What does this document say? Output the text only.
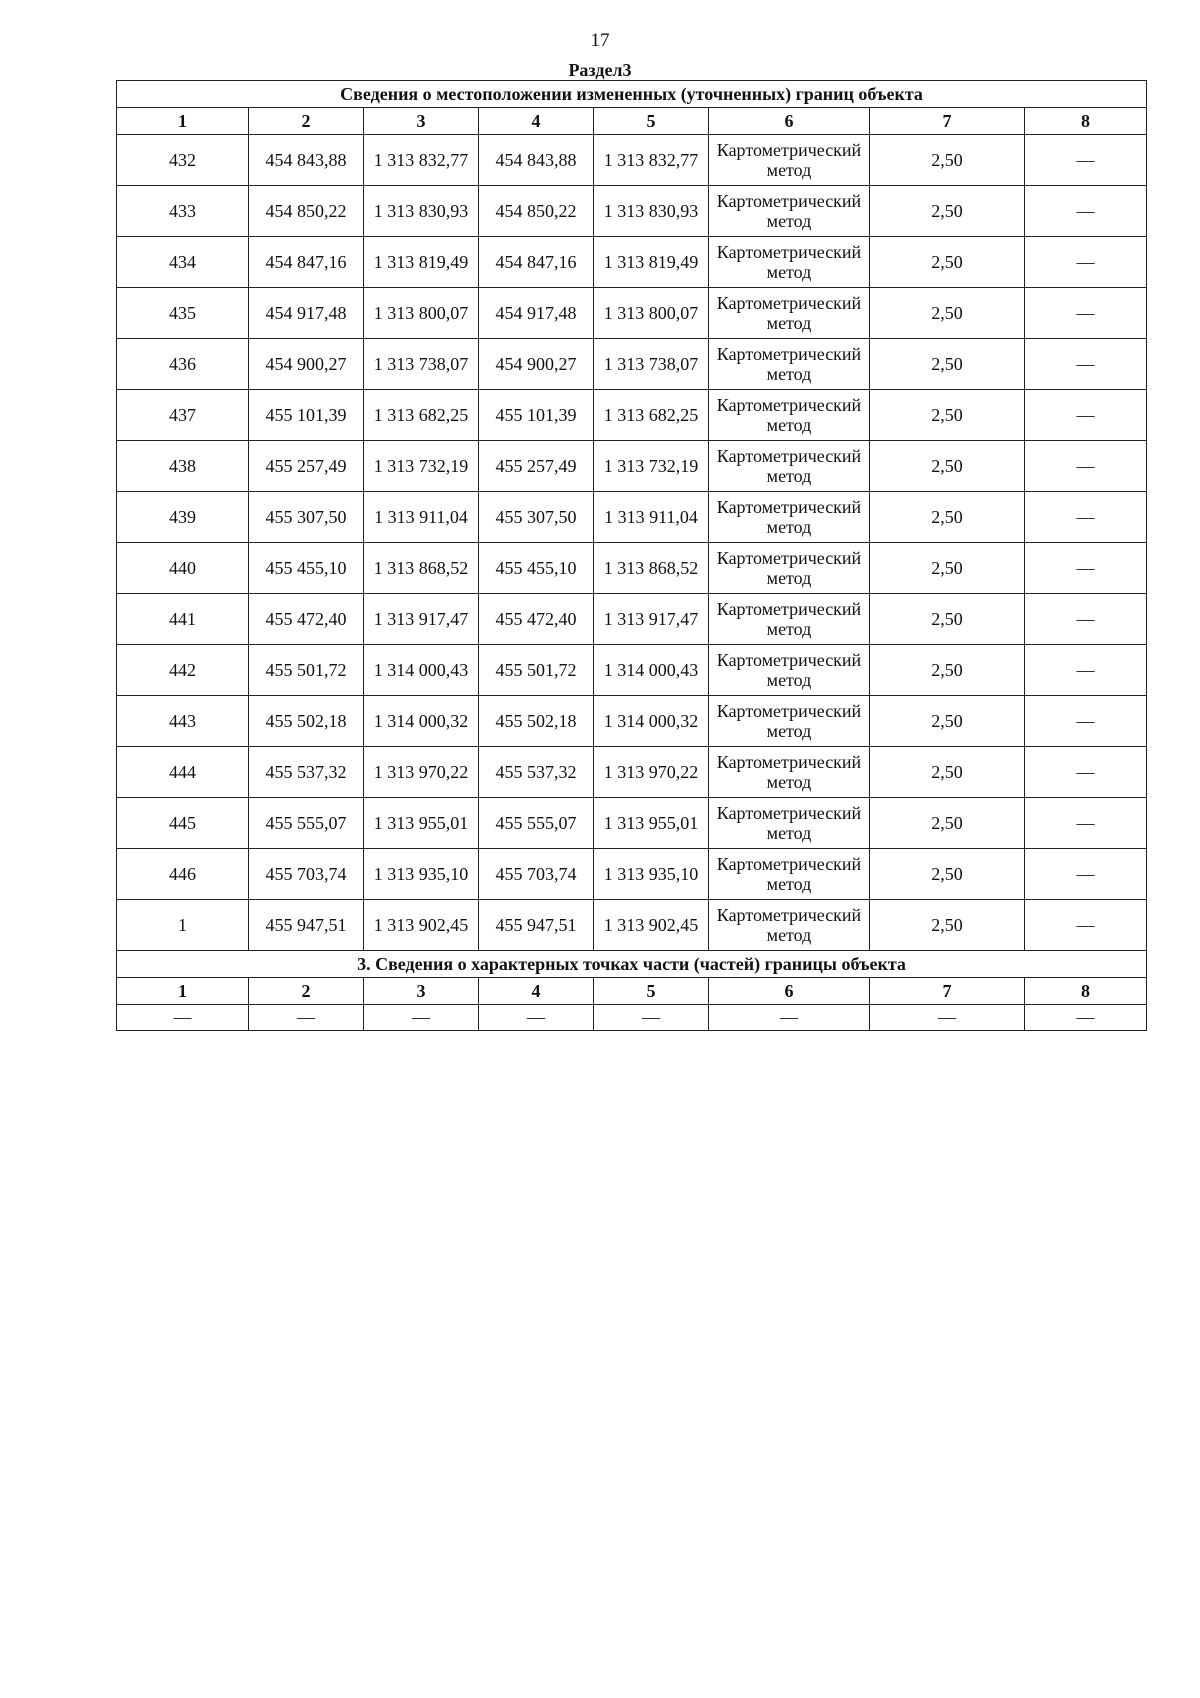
17
Раздел3
Сведения о местоположении измененных (уточненных) границ объекта							
1	2	3	4	5	6	7	8
432	454 843,88	1 313 832,77	454 843,88	1 313 832,77	Картометрический метод	2,50	—
433	454 850,22	1 313 830,93	454 850,22	1 313 830,93	Картометрический метод	2,50	—
434	454 847,16	1 313 819,49	454 847,16	1 313 819,49	Картометрический метод	2,50	—
435	454 917,48	1 313 800,07	454 917,48	1 313 800,07	Картометрический метод	2,50	—
436	454 900,27	1 313 738,07	454 900,27	1 313 738,07	Картометрический метод	2,50	—
437	455 101,39	1 313 682,25	455 101,39	1 313 682,25	Картометрический метод	2,50	—
438	455 257,49	1 313 732,19	455 257,49	1 313 732,19	Картометрический метод	2,50	—
439	455 307,50	1 313 911,04	455 307,50	1 313 911,04	Картометрический метод	2,50	—
440	455 455,10	1 313 868,52	455 455,10	1 313 868,52	Картометрический метод	2,50	—
441	455 472,40	1 313 917,47	455 472,40	1 313 917,47	Картометрический метод	2,50	—
442	455 501,72	1 314 000,43	455 501,72	1 314 000,43	Картометрический метод	2,50	—
443	455 502,18	1 314 000,32	455 502,18	1 314 000,32	Картометрический метод	2,50	—
444	455 537,32	1 313 970,22	455 537,32	1 313 970,22	Картометрический метод	2,50	—
445	455 555,07	1 313 955,01	455 555,07	1 313 955,01	Картометрический метод	2,50	—
446	455 703,74	1 313 935,10	455 703,74	1 313 935,10	Картометрический метод	2,50	—
1	455 947,51	1 313 902,45	455 947,51	1 313 902,45	Картометрический метод	2,50	—
3. Сведения о характерных точках части (частей) границы объекта							
1	2	3	4	5	6	7	8
—	—	—	—	—	—	—	—
